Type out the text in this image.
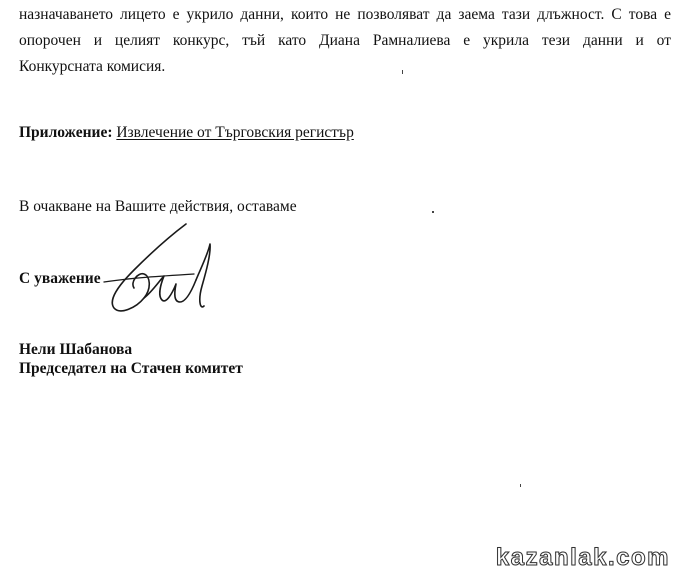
назначаването лицето е укрило данни, които не позволяват да заема тази длъжност. С това е
опорочен и целият конкурс, тъй като Диана Рамналиева е укрила тези данни и от
Конкурсната комисия.
Приложение: Извлечение от Търговския регистър
В очакване на Вашите действия, оставаме
С уважение
Нели Шабанова
Председател на Стачен комитет
kazanlak.com
